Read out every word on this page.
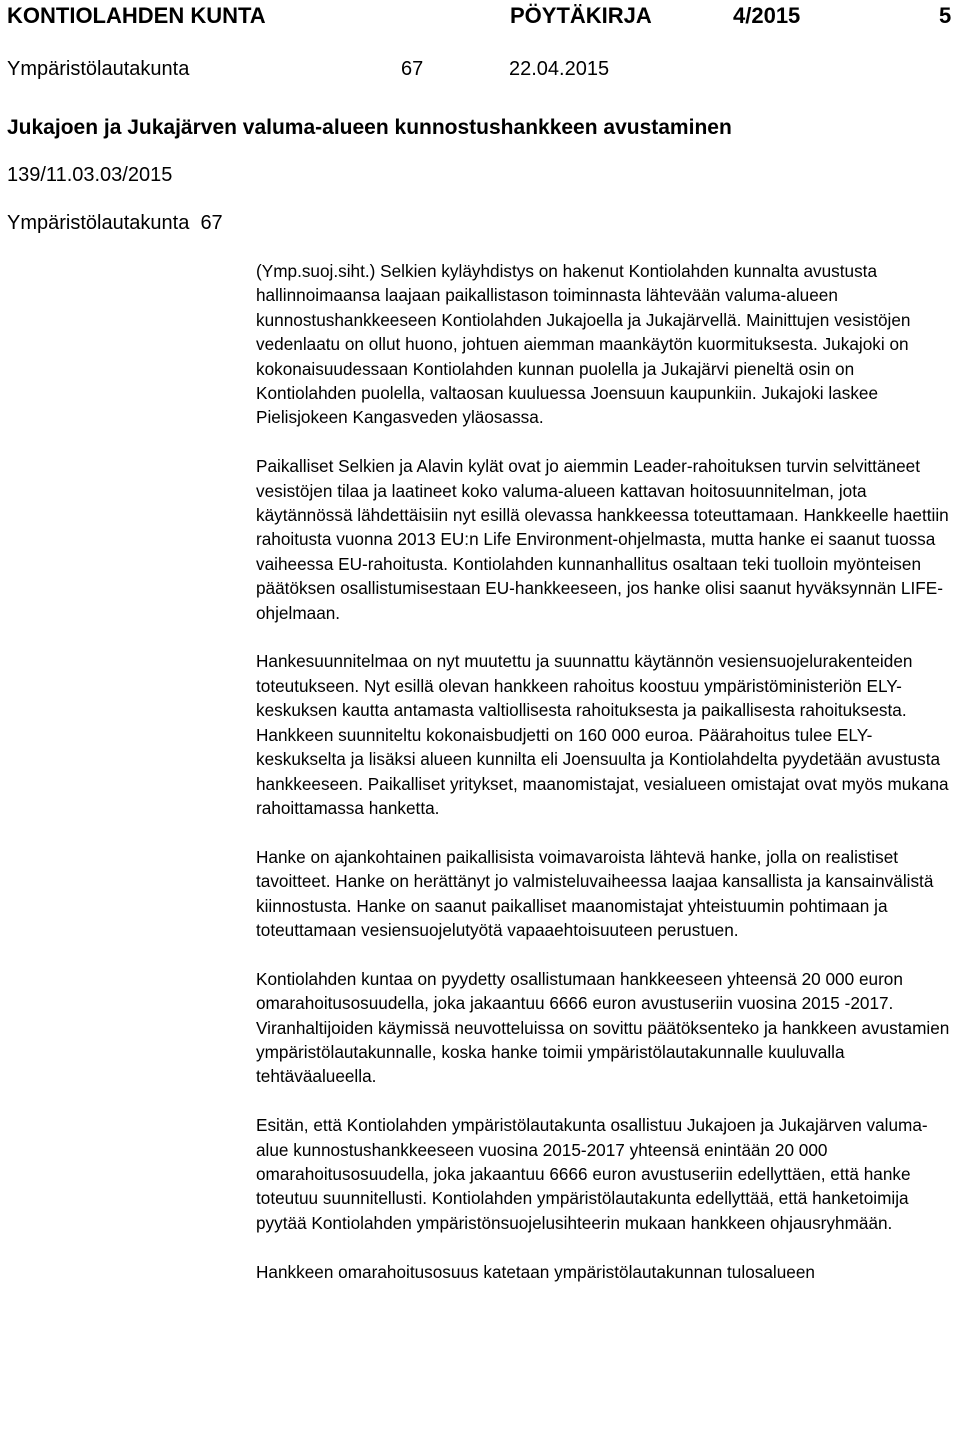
KONTIOLAHDEN KUNTA	PÖYTÄKIRJA	4/2015	5
Ympäristölautakunta	67	22.04.2015
Jukajoen ja Jukajärven valuma-alueen kunnostushankkeen avustaminen
139/11.03.03/2015
Ympäristölautakunta  67

(Ymp.suoj.siht.) Selkien kyläyhdistys on hakenut Kontiolahden kunnalta avustusta hallinnoimaansa laajaan paikallistason toiminnasta lähtevään valuma-alueen kunnostushankkeeseen Kontiolahden Jukajoella ja Jukajärvellä. Mainittujen vesistöjen vedenlaatu on ollut huono, johtuen aiemman maankäytön kuormituksesta. Jukajoki on kokonaisuudessaan Kontiolahden kunnan puolella ja Jukajärvi pieneltä osin on Kontiolahden puolella, valtaosan kuuluessa Joensuun kaupunkiin. Jukajoki laskee Pielisjokeen Kangasveden yläosassa.

Paikalliset Selkien ja Alavin kylät ovat jo aiemmin Leader-rahoituksen turvin selvittäneet vesistöjen tilaa ja laatineet koko valuma-alueen kattavan hoitosuunnitelman, jota käytännössä lähdettäisiin nyt esillä olevassa hankkeessa toteuttamaan. Hankkeelle haettiin rahoitusta vuonna 2013 EU:n Life Environment-ohjelmasta, mutta hanke ei saanut tuossa vaiheessa EU-rahoitusta. Kontiolahden kunnanhallitus osaltaan teki tuolloin myönteisen päätöksen osallistumisestaan EU-hankkeeseen, jos hanke olisi saanut hyväksynnän LIFE-ohjelmaan.

Hankesuunnitelmaa on nyt muutettu ja suunnattu käytännön vesiensuojelurakenteiden toteutukseen. Nyt esillä olevan hankkeen rahoitus koostuu ympäristöministeriön ELY-keskuksen kautta antamasta valtiollisesta rahoituksesta ja paikallisesta rahoituksesta. Hankkeen suunniteltu kokonaisbudjetti on 160 000 euroa. Päärahoitus tulee ELY-keskukselta ja lisäksi alueen kunnilta eli Joensuulta ja Kontiolahdelta pyydetään avustusta hankkeeseen. Paikalliset yritykset, maanomistajat, vesialueen omistajat ovat myös mukana rahoittamassa hanketta.

Hanke on ajankohtainen paikallisista voimavaroista lähtevä hanke, jolla on realistiset tavoitteet. Hanke on herättänyt jo valmisteluvaiheessa laajaa kansallista ja kansainvälistä kiinnostusta. Hanke on saanut paikalliset maanomistajat yhteistuumin pohtimaan ja toteuttamaan vesiensuojelutyötä vapaaehtoisuuteen perustuen.

Kontiolahden kuntaa on pyydetty osallistumaan hankkeeseen yhteensä 20 000 euron omarahoitusosuudella, joka jakaantuu 6666 euron avustuseriin vuosina 2015 -2017. Viranhaltijoiden käymissä neuvotteluissa on sovittu päätöksenteko ja hankkeen avustamien ympäristölautakunnalle, koska hanke toimii ympäristölautakunnalle kuuluvalla tehtäväalueella.

Esitän, että Kontiolahden ympäristölautakunta osallistuu Jukajoen ja Jukajärven valuma-alue kunnostushankkeeseen vuosina 2015-2017 yhteensä enintään 20 000 omarahoitusosuudella, joka jakaantuu 6666 euron avustuseriin edellyttäen, että hanke toteutuu suunnitellusti. Kontiolahden ympäristölautakunta edellyttää, että hanketoimija pyytää Kontiolahden ympäristönsuojelusihteerin mukaan hankkeen ohjausryhmään.

Hankkeen omarahoitusosuus katetaan ympäristölautakunnan tulosalueen
